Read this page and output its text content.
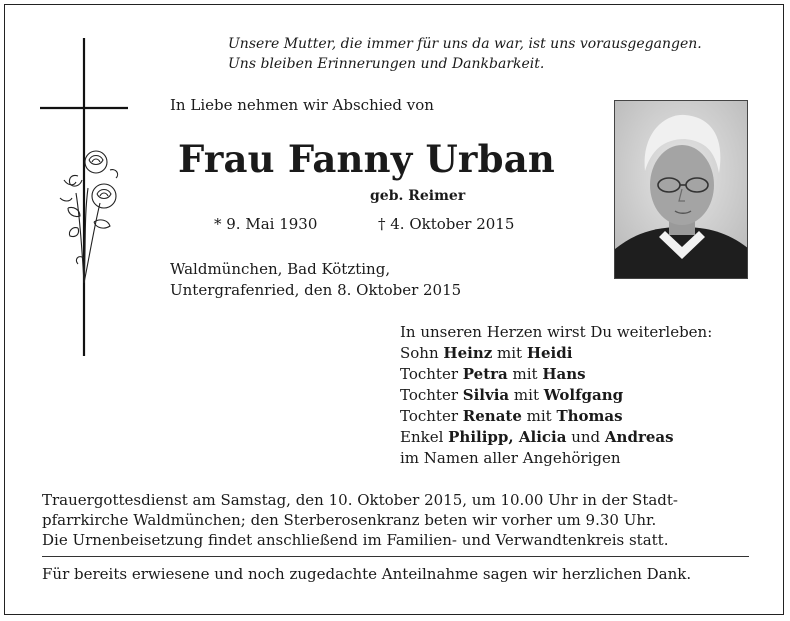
Unsere Mutter, die immer für uns da war, ist uns vorausgegangen.
Uns bleiben Erinnerungen und Dankbarkeit.
In Liebe nehmen wir Abschied von
Frau Fanny Urban
geb. Reimer
* 9. Mai 1930	† 4. Oktober 2015
Waldmünchen, Bad Kötzting,
Untergrafenried, den 8. Oktober 2015
In unseren Herzen wirst Du weiterleben:
Sohn Heinz mit Heidi
Tochter Petra mit Hans
Tochter Silvia mit Wolfgang
Tochter Renate mit Thomas
Enkel Philipp, Alicia und Andreas
im Namen aller Angehörigen
Trauergottesdienst am Samstag, den 10. Oktober 2015, um 10.00 Uhr in der Stadt-
pfarrkirche Waldmünchen; den Sterberosenkranz beten wir vorher um 9.30 Uhr.
Die Urnenbeisetzung findet anschließend im Familien- und Verwandtenkreis statt.
Für bereits erwiesene und noch zugedachte Anteilnahme sagen wir herzlichen Dank.
